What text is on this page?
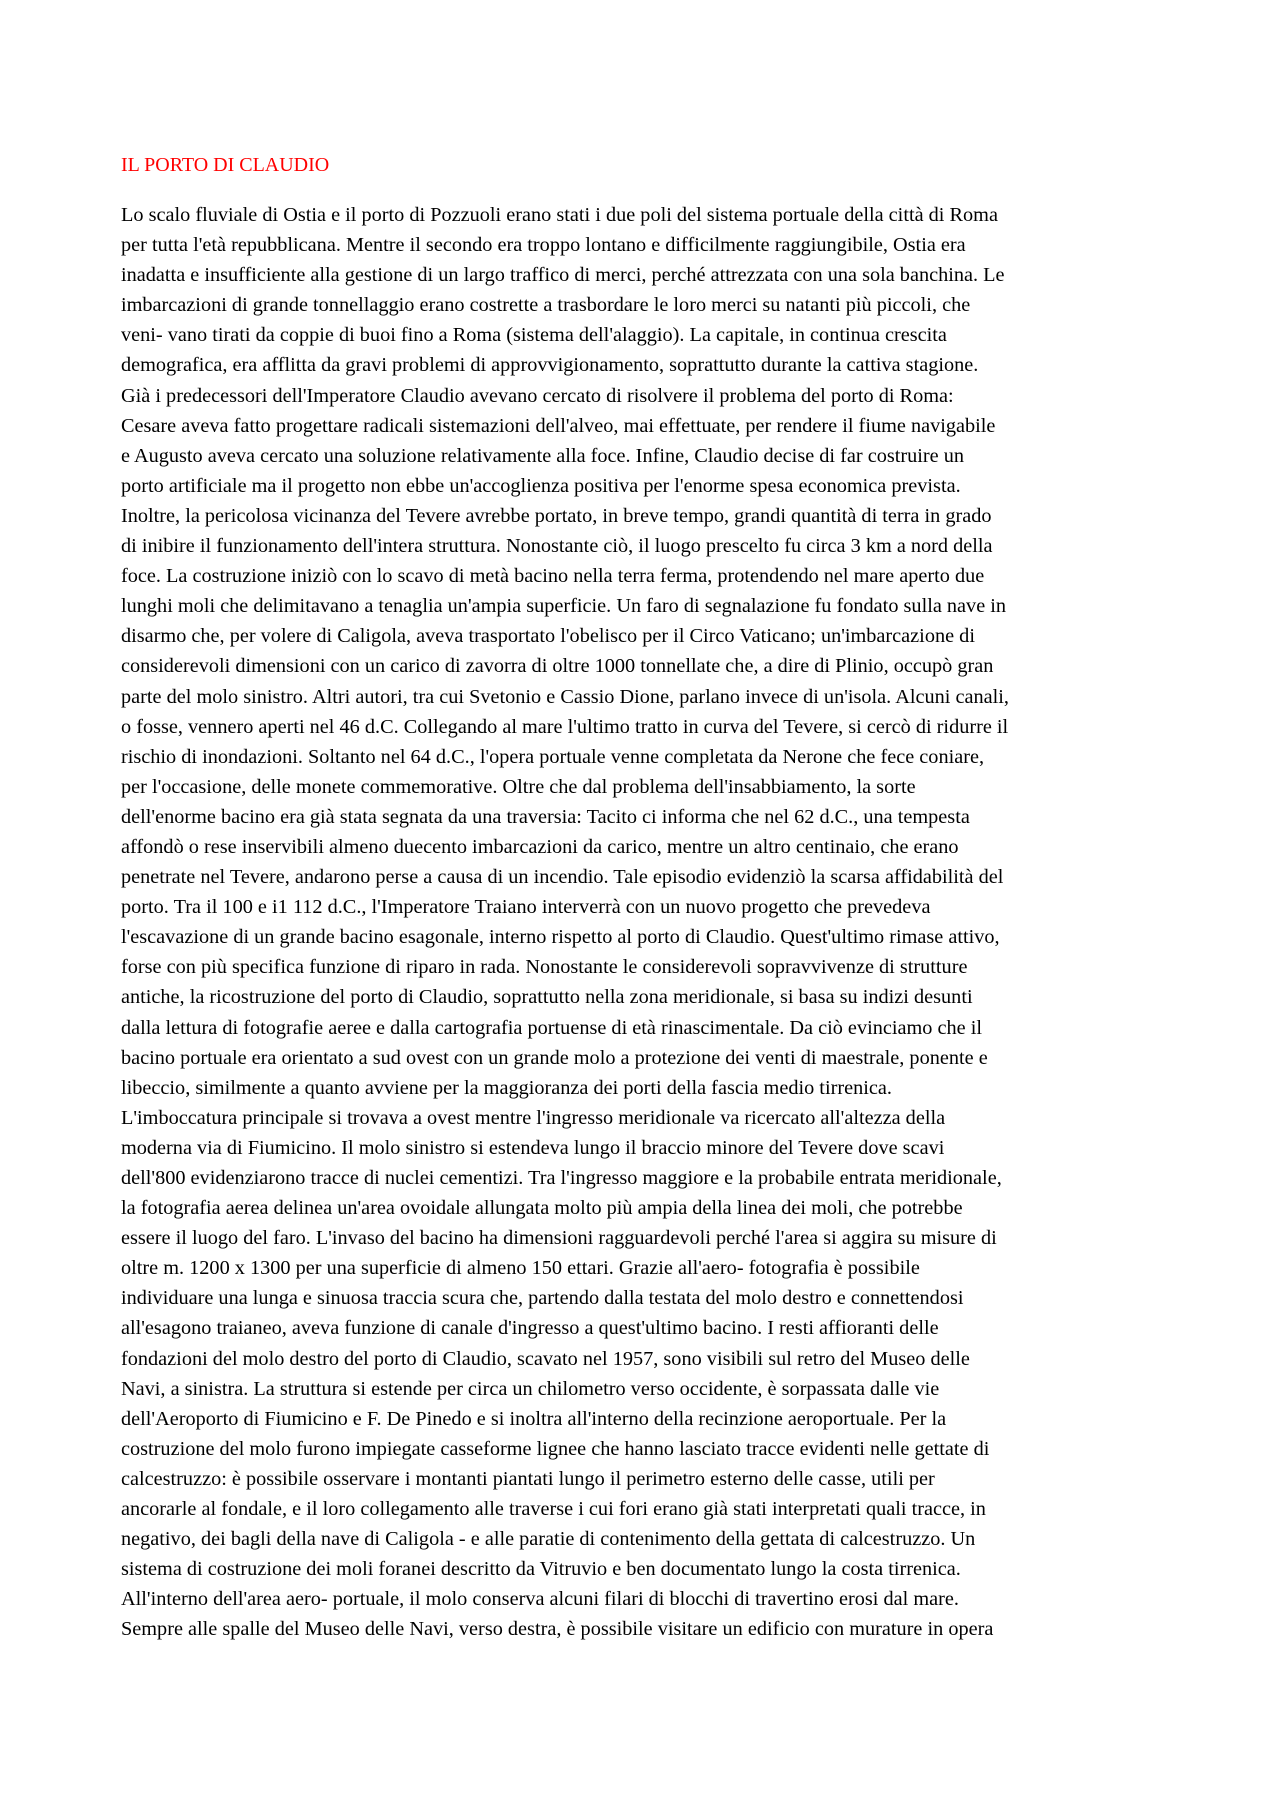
IL PORTO DI CLAUDIO
Lo scalo fluviale di Ostia e il porto di Pozzuoli erano stati i due poli del sistema portuale della città di Roma
per tutta l'età repubblicana. Mentre il secondo era troppo lontano e difficilmente raggiungibile, Ostia era
inadatta e insufficiente alla gestione di un largo traffico di merci, perché attrezzata con una sola banchina. Le
imbarcazioni di grande tonnellaggio erano costrette a trasbordare le loro merci su natanti più piccoli, che
veni- vano tirati da coppie di buoi fino a Roma (sistema dell'alaggio). La capitale, in continua crescita
demografica, era afflitta da gravi problemi di approvvigionamento, soprattutto durante la cattiva stagione.
Già i predecessori dell'Imperatore Claudio avevano cercato di risolvere il problema del porto di Roma:
Cesare aveva fatto progettare radicali sistemazioni dell'alveo, mai effettuate, per rendere il fiume navigabile
e Augusto aveva cercato una soluzione relativamente alla foce. Infine, Claudio decise di far costruire un
porto artificiale ma il progetto non ebbe un'accoglienza positiva per l'enorme spesa economica prevista.
Inoltre, la pericolosa vicinanza del Tevere avrebbe portato, in breve tempo, grandi quantità di terra in grado
di inibire il funzionamento dell'intera struttura. Nonostante ciò, il luogo prescelto fu circa 3 km a nord della
foce. La costruzione iniziò con lo scavo di metà bacino nella terra ferma, protendendo nel mare aperto due
lunghi moli che delimitavano a tenaglia un'ampia superficie. Un faro di segnalazione fu fondato sulla nave in
disarmo che, per volere di Caligola, aveva trasportato l'obelisco per il Circo Vaticano; un'imbarcazione di
considerevoli dimensioni con un carico di zavorra di oltre 1000 tonnellate che, a dire di Plinio, occupò gran
parte del molo sinistro. Altri autori, tra cui Svetonio e Cassio Dione, parlano invece di un'isola. Alcuni canali,
o fosse, vennero aperti nel 46 d.C. Collegando al mare l'ultimo tratto in curva del Tevere, si cercò di ridurre il
rischio di inondazioni. Soltanto nel 64 d.C., l'opera portuale venne completata da Nerone che fece coniare,
per l'occasione, delle monete commemorative. Oltre che dal problema dell'insabbiamento, la sorte
dell'enorme bacino era già stata segnata da una traversia: Tacito ci informa che nel 62 d.C., una tempesta
affondò o rese inservibili almeno duecento imbarcazioni da carico, mentre un altro centinaio, che erano
penetrate nel Tevere, andarono perse a causa di un incendio. Tale episodio evidenziò la scarsa affidabilità del
porto. Tra il 100 e i1 112 d.C., l'Imperatore Traiano interverrà con un nuovo progetto che prevedeva
l'escavazione di un grande bacino esagonale, interno rispetto al porto di Claudio. Quest'ultimo rimase attivo,
forse con più specifica funzione di riparo in rada. Nonostante le considerevoli sopravvivenze di strutture
antiche, la ricostruzione del porto di Claudio, soprattutto nella zona meridionale, si basa su indizi desunti
dalla lettura di fotografie aeree e dalla cartografia portuense di età rinascimentale. Da ciò evinciamo che il
bacino portuale era orientato a sud ovest con un grande molo a protezione dei venti di maestrale, ponente e
libeccio, similmente a quanto avviene per la maggioranza dei porti della fascia medio tirrenica.
L'imboccatura principale si trovava a ovest mentre l'ingresso meridionale va ricercato all'altezza della
moderna via di Fiumicino. Il molo sinistro si estendeva lungo il braccio minore del Tevere dove scavi
dell'800 evidenziarono tracce di nuclei cementizi. Tra l'ingresso maggiore e la probabile entrata meridionale,
la fotografia aerea delinea un'area ovoidale allungata molto più ampia della linea dei moli, che potrebbe
essere il luogo del faro. L'invaso del bacino ha dimensioni ragguardevoli perché l'area si aggira su misure di
oltre m. 1200 x 1300 per una superficie di almeno 150 ettari. Grazie all'aero- fotografia è possibile
individuare una lunga e sinuosa traccia scura che, partendo dalla testata del molo destro e connettendosi
all'esagono traianeo, aveva funzione di canale d'ingresso a quest'ultimo bacino. I resti affioranti delle
fondazioni del molo destro del porto di Claudio, scavato nel 1957, sono visibili sul retro del Museo delle
Navi, a sinistra. La struttura si estende per circa un chilometro verso occidente, è sorpassata dalle vie
dell'Aeroporto di Fiumicino e F. De Pinedo e si inoltra all'interno della recinzione aeroportuale. Per la
costruzione del molo furono impiegate casseforme lignee che hanno lasciato tracce evidenti nelle gettate di
calcestruzzo: è possibile osservare i montanti piantati lungo il perimetro esterno delle casse, utili per
ancorarle al fondale, e il loro collegamento alle traverse i cui fori erano già stati interpretati quali tracce, in
negativo, dei bagli della nave di Caligola - e alle paratie di contenimento della gettata di calcestruzzo. Un
sistema di costruzione dei moli foranei descritto da Vitruvio e ben documentato lungo la costa tirrenica.
All'interno dell'area aero- portuale, il molo conserva alcuni filari di blocchi di travertino erosi dal mare.
Sempre alle spalle del Museo delle Navi, verso destra, è possibile visitare un edificio con murature in opera
